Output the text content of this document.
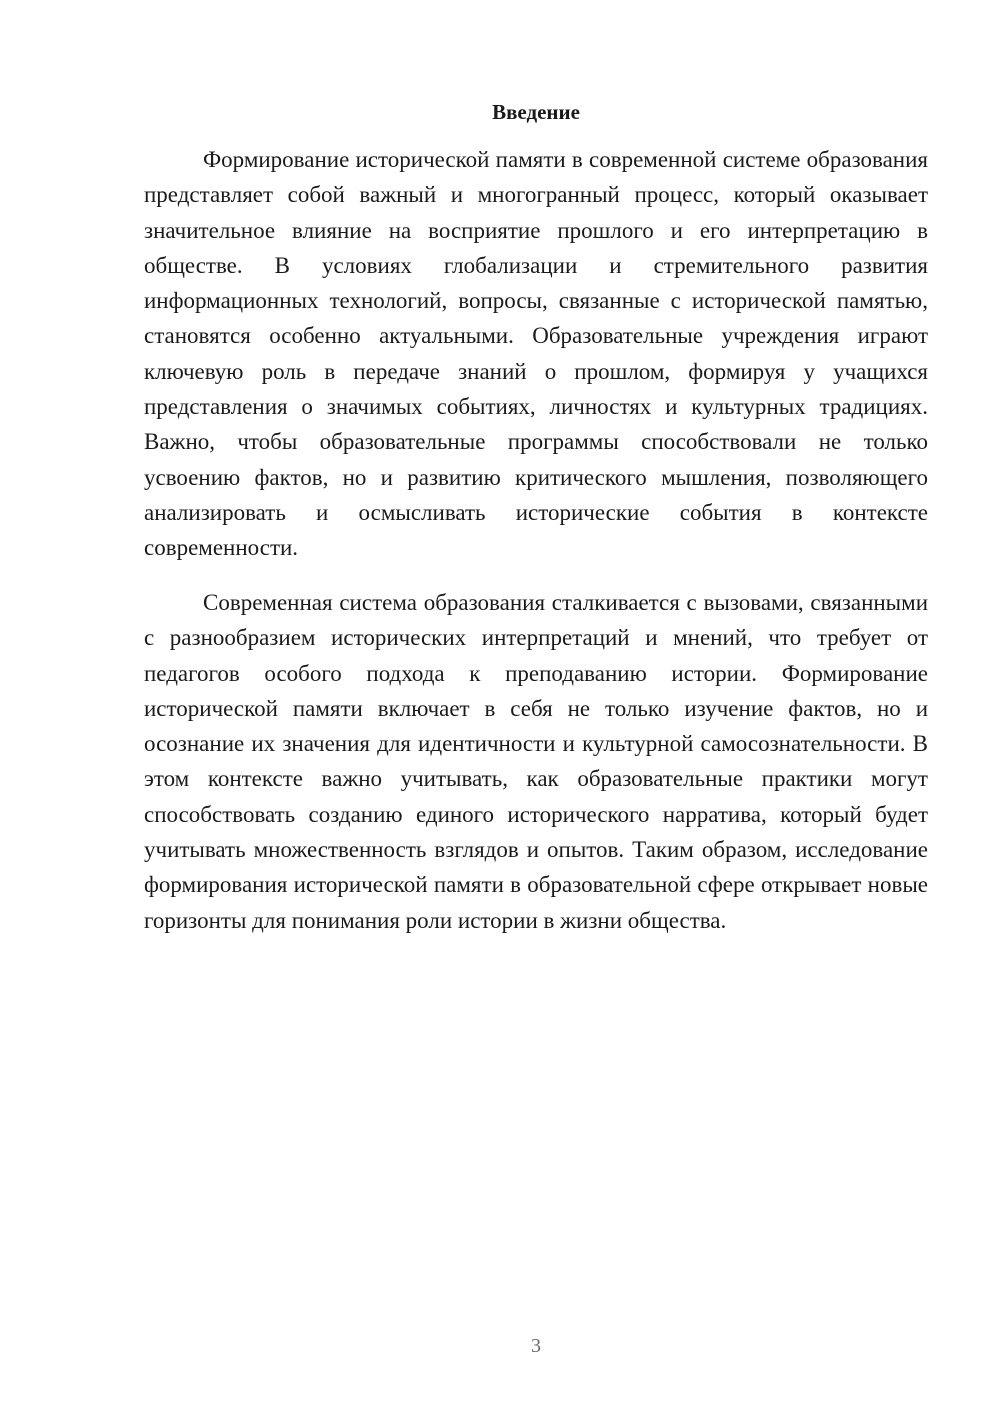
Введение

Формирование исторической памяти в современной системе образования представляет собой важный и многогранный процесс, который оказывает значительное влияние на восприятие прошлого и его интерпретацию в обществе. В условиях глобализации и стремительного развития информационных технологий, вопросы, связанные с исторической памятью, становятся особенно актуальными. Образовательные учреждения играют ключевую роль в передаче знаний о прошлом, формируя у учащихся представления о значимых событиях, личностях и культурных традициях. Важно, чтобы образовательные программы способствовали не только усвоению фактов, но и развитию критического мышления, позволяющего анализировать и осмысливать исторические события в контексте современности.

Современная система образования сталкивается с вызовами, связанными с разнообразием исторических интерпретаций и мнений, что требует от педагогов особого подхода к преподаванию истории. Формирование исторической памяти включает в себя не только изучение фактов, но и осознание их значения для идентичности и культурной самосознательности. В этом контексте важно учитывать, как образовательные практики могут способствовать созданию единого исторического нарратива, который будет учитывать множественность взглядов и опытов. Таким образом, исследование формирования исторической памяти в образовательной сфере открывает новые горизонты для понимания роли истории в жизни общества.

3
